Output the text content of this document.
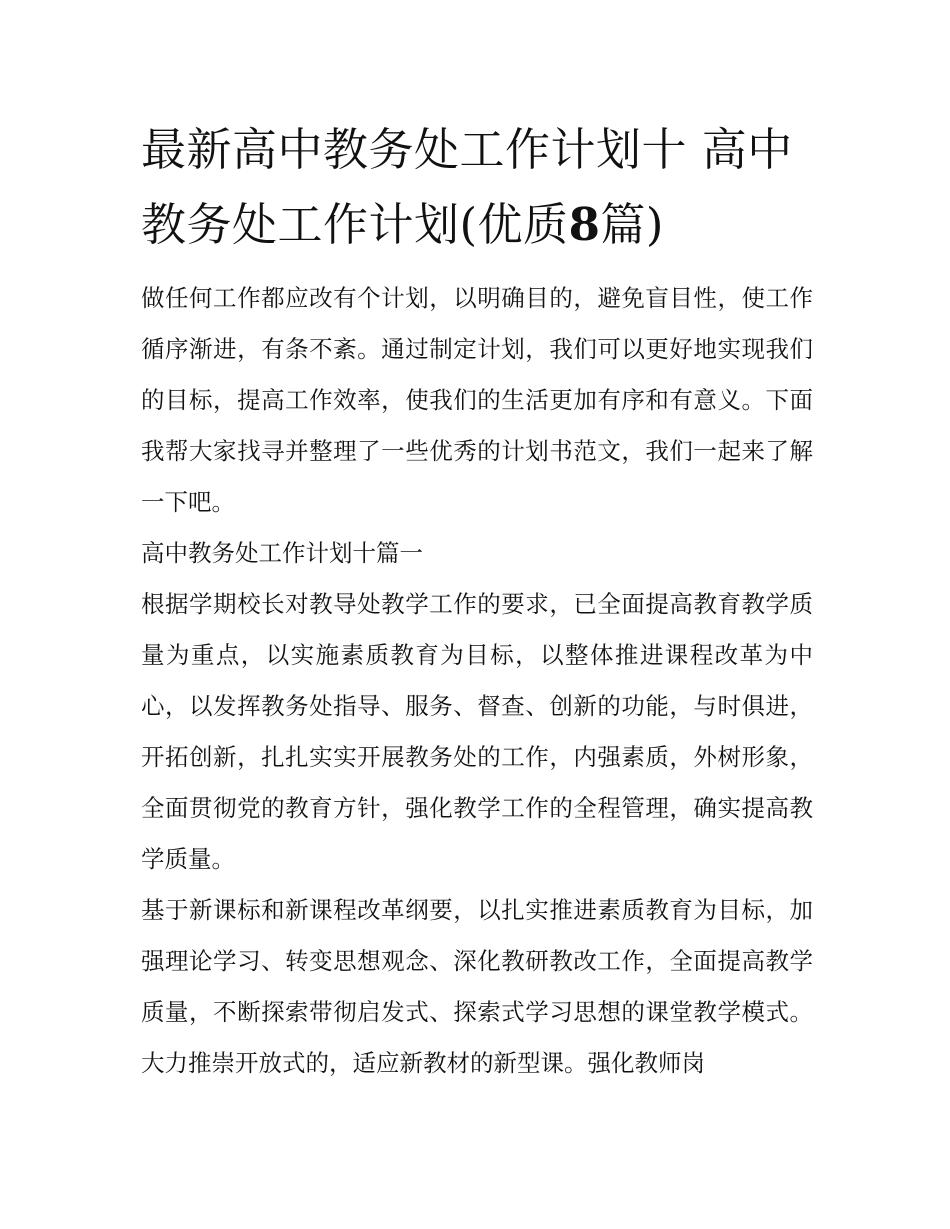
最新高中教务处工作计划十 高中教务处工作计划(优质8篇)

做任何工作都应改有个计划，以明确目的，避免盲目性，使工作循序渐进，有条不紊。通过制定计划，我们可以更好地实现我们的目标，提高工作效率，使我们的生活更加有序和有意义。下面我帮大家找寻并整理了一些优秀的计划书范文，我们一起来了解一下吧。

高中教务处工作计划十篇一

根据学期校长对教导处教学工作的要求，已全面提高教育教学质量为重点，以实施素质教育为目标，以整体推进课程改革为中心，以发挥教务处指导、服务、督查、创新的功能，与时俱进，开拓创新，扎扎实实开展教务处的工作，内强素质，外树形象，全面贯彻党的教育方针，强化教学工作的全程管理，确实提高教学质量。

基于新课标和新课程改革纲要，以扎实推进素质教育为目标，加强理论学习、转变思想观念、深化教研教改工作，全面提高教学质量，不断探索带彻启发式、探索式学习思想的课堂教学模式。大力推崇开放式的，适应新教材的新型课。强化教师岗
